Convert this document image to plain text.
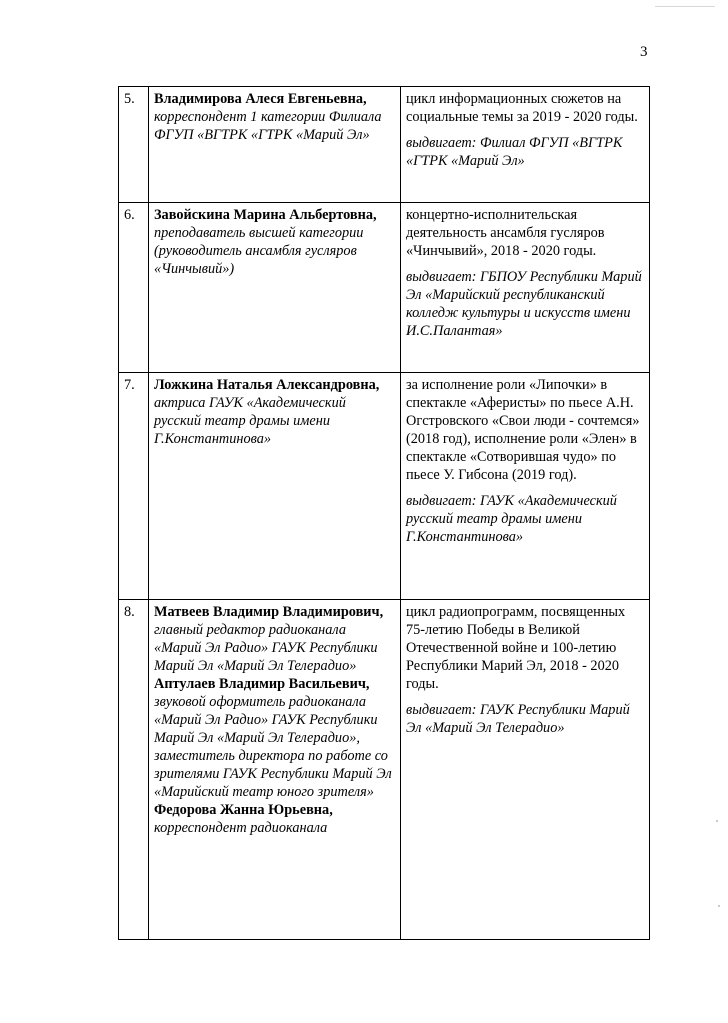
3
5.	Владимирова Алеся Евгеньевна, корреспондент 1 категории Филиала ФГУП «ВГТРК «ГТРК «Марий Эл»	цикл информационных сюжетов на социальные темы за 2019 - 2020 годы.
выдвигает: Филиал ФГУП «ВГТРК «ГТРК «Марий Эл»

6.	Завойскина Марина Альбертовна, преподаватель высшей категории (руководитель ансамбля гусляров «Чинчывий»)	концертно-исполнительская деятельность ансамбля гусляров «Чинчывий», 2018 - 2020 годы.
выдвигает: ГБПОУ Республики Марий Эл «Марийский республиканский колледж культуры и искусств имени И.С.Палантая»

7.	Ложкина Наталья Александровна, актриса ГАУК «Академический русский театр драмы имени Г.Константинова»	за исполнение роли «Липочки» в спектакле «Аферисты» по пьесе А.Н. Огстровского «Свои люди - сочтемся» (2018 год), исполнение роли «Элен» в спектакле «Сотворившая чудо» по пьесе У. Гибсона (2019 год).
выдвигает: ГАУК «Академический русский театр драмы имени Г.Константинова»

8.	Матвеев Владимир Владимирович, главный редактор радиоканала «Марий Эл Радио» ГАУК Республики Марий Эл «Марий Эл Телерадио» Аптулаев Владимир Васильевич, звуковой оформитель радиоканала «Марий Эл Радио» ГАУК Республики Марий Эл «Марий Эл Телерадио», заместитель директора по работе со зрителями ГАУК Республики Марий Эл «Марийский театр юного зрителя» Федорова Жанна Юрьевна, корреспондент радиоканала	цикл радиопрограмм, посвященных 75-летию Победы в Великой Отечественной войне и 100-летию Республики Марий Эл, 2018 - 2020 годы.
выдвигает: ГАУК Республики Марий Эл «Марий Эл Телерадио»
